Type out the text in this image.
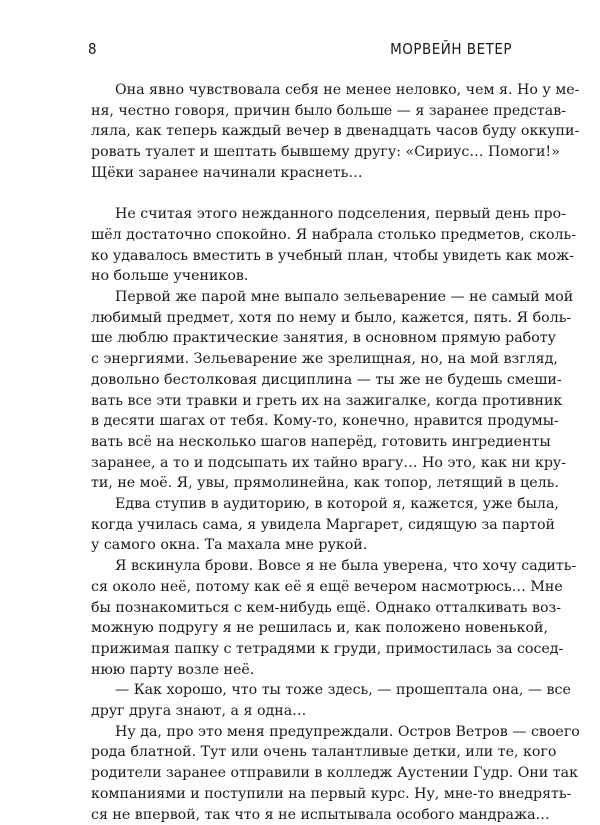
8	МОРВЕЙН ВЕТЕР
Она явно чувствовала себя не менее неловко, чем я. Но у ме-
ня, честно говоря, причин было больше — я заранее представ-
ляла, как теперь каждый вечер в двенадцать часов буду оккупи-
ровать туалет и шептать бывшему другу: «Сириус… Помоги!»
Щёки заранее начинали краснеть…
Не считая этого нежданного подселения, первый день про-
шёл достаточно спокойно. Я набрала столько предметов, сколь-
ко удавалось вместить в учебный план, чтобы увидеть как мож-
но больше учеников.
Первой же парой мне выпало зельеварение — не самый мой
любимый предмет, хотя по нему и было, кажется, пять. Я боль-
ше люблю практические занятия, в основном прямую работу
с энергиями. Зельеварение же зрелищная, но, на мой взгляд,
довольно бестолковая дисциплина — ты же не будешь смеши-
вать все эти травки и греть их на зажигалке, когда противник
в десяти шагах от тебя. Кому-то, конечно, нравится продумы-
вать всё на несколько шагов наперёд, готовить ингредиенты
заранее, а то и подсыпать их тайно врагу… Но это, как ни кру-
ти, не моё. Я, увы, прямолинейна, как топор, летящий в цель.
Едва ступив в аудиторию, в которой я, кажется, уже была,
когда училась сама, я увидела Маргарет, сидящую за партой
у самого окна. Та махала мне рукой.
Я вскинула брови. Вовсе я не была уверена, что хочу садить-
ся около неё, потому как её я ещё вечером насмотрюсь… Мне
бы познакомиться с кем-нибудь ещё. Однако отталкивать воз-
можную подругу я не решилась и, как положено новенькой,
прижимая папку с тетрадями к груди, примостилась за сосед-
нюю парту возле неё.
— Как хорошо, что ты тоже здесь, — прошептала она, — все
друг друга знают, а я одна…
Ну да, про это меня предупреждали. Остров Ветров — своего
рода блатной. Тут или очень талантливые детки, или те, кого
родители заранее отправили в колледж Аустении Гудр. Они так
компаниями и поступили на первый курс. Ну, мне-то внедрять-
ся не впервой, так что я не испытывала особого мандража…
